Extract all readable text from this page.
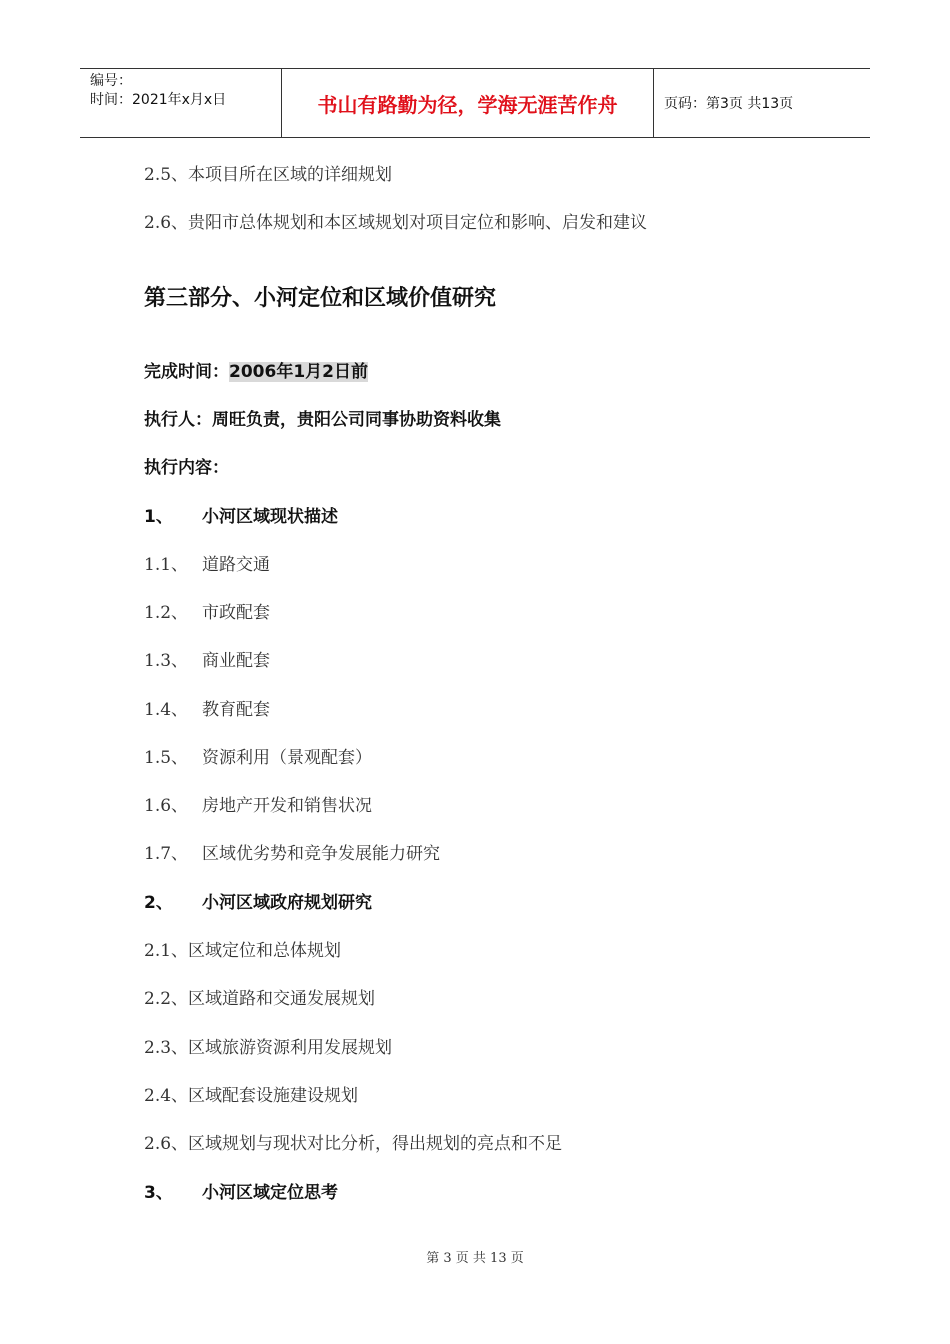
编号：
时间：2021年x月x日	书山有路勤为径，学海无涯苦作舟	页码：第3页 共13页
2.5、本项目所在区域的详细规划
2.6、贵阳市总体规划和本区域规划对项目定位和影响、启发和建议
第三部分、小河定位和区域价值研究
完成时间：2006年1月2日前
执行人：周旺负责，贵阳公司同事协助资料收集
执行内容：
1、 小河区域现状描述
1.1、 道路交通
1.2、 市政配套
1.3、 商业配套
1.4、 教育配套
1.5、 资源利用（景观配套）
1.6、 房地产开发和销售状况
1.7、 区域优劣势和竞争发展能力研究
2、 小河区域政府规划研究
2.1、区域定位和总体规划
2.2、区域道路和交通发展规划
2.3、区域旅游资源利用发展规划
2.4、区域配套设施建设规划
2.6、区域规划与现状对比分析，得出规划的亮点和不足
3、 小河区域定位思考
第 3 页 共 13 页
